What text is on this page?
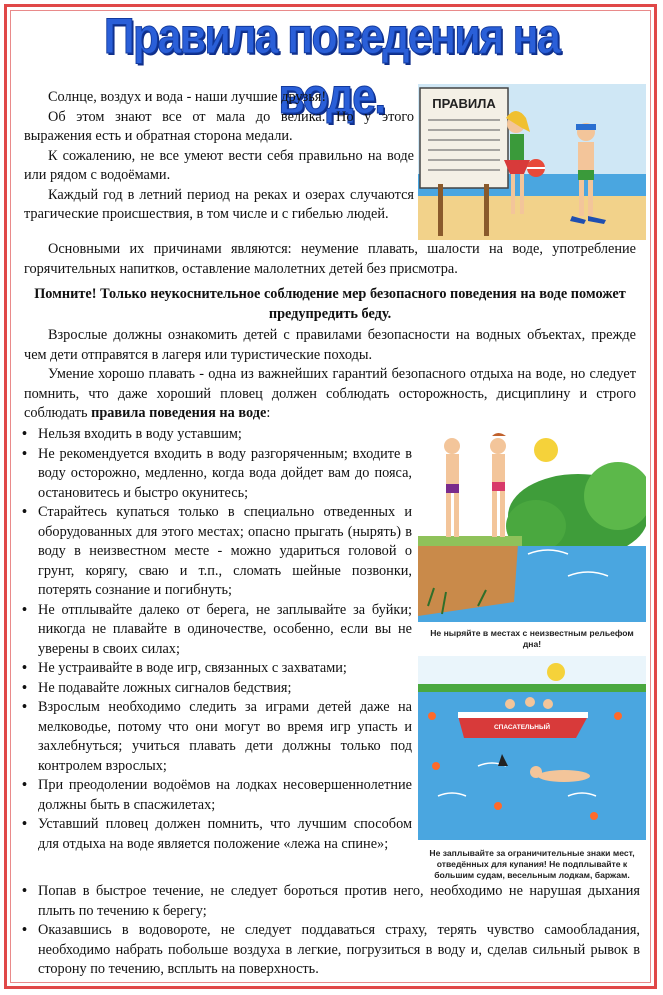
Правила поведения на воде.

Солнце, воздух и вода - наши лучшие друзья!

Об этом знают все от мала до велика. Но у этого выражения есть и обратная сторона медали.

К сожалению, не все умеют вести себя правильно на воде или рядом с водоёмами.

Каждый год в летний период на реках и озерах случаются трагические происшествия, в том числе и с гибелью людей.

ПРАВИЛА

Основными их причинами являются: неумение плавать, шалости на воде, употребление горячительных напитков, оставление малолетних детей без присмотра.

Помните! Только неукоснительное соблюдение мер безопасного поведения на воде поможет предупредить беду.

Взрослые должны ознакомить детей с правилами безопасности на водных объектах, прежде чем дети отправятся в лагеря или туристические походы.

Умение хорошо плавать - одна из важнейших гарантий безопасного отдыха на воде, но следует помнить, что даже хороший пловец должен соблюдать осторожность, дисциплину и строго соблюдать правила поведения на воде:

• Нельзя входить в воду уставшим;
• Не рекомендуется входить в воду разгоряченным; входите в воду осторожно, медленно, когда вода дойдет вам до пояса, остановитесь и быстро окунитесь;
• Старайтесь купаться только в специально отведенных и оборудованных для этого местах; опасно прыгать (нырять) в воду в неизвестном месте - можно удариться головой о грунт, корягу, сваю и т.п., сломать шейные позвонки, потерять сознание и погибнуть;
• Не отплывайте далеко от берега, не заплывайте за буйки; никогда не плавайте в одиночестве, особенно, если вы не уверены в своих силах;
• Не устраивайте в воде игр, связанных с захватами;
• Не подавайте ложных сигналов бедствия;
• Взрослым необходимо следить за играми детей даже на мелководье, потому что они могут во время игр упасть и захлебнуться; учиться плавать дети должны только под контролем взрослых;
• При преодолении водоёмов на лодках несовершеннолетние должны быть в спасжилетах;
• Уставший пловец должен помнить, что лучшим способом для отдыха на воде является положение «лежа на спине»;
• Попав в быстрое течение, не следует бороться против него, необходимо не нарушая дыхания плыть по течению к берегу;
• Оказавшись в водовороте, не следует поддаваться страху, терять чувство самообладания, необходимо набрать побольше воздуха в легкие, погрузиться в воду и, сделав сильный рывок в сторону по течению, всплыть на поверхность.
Не ныряйте в местах с неизвестным рельефом дна!
СПАСАТЕЛЬНЫЙ
Не заплывайте за ограничительные знаки мест, отведённых для купания! Не подплывайте к большим судам, весельным лодкам, баржам.
